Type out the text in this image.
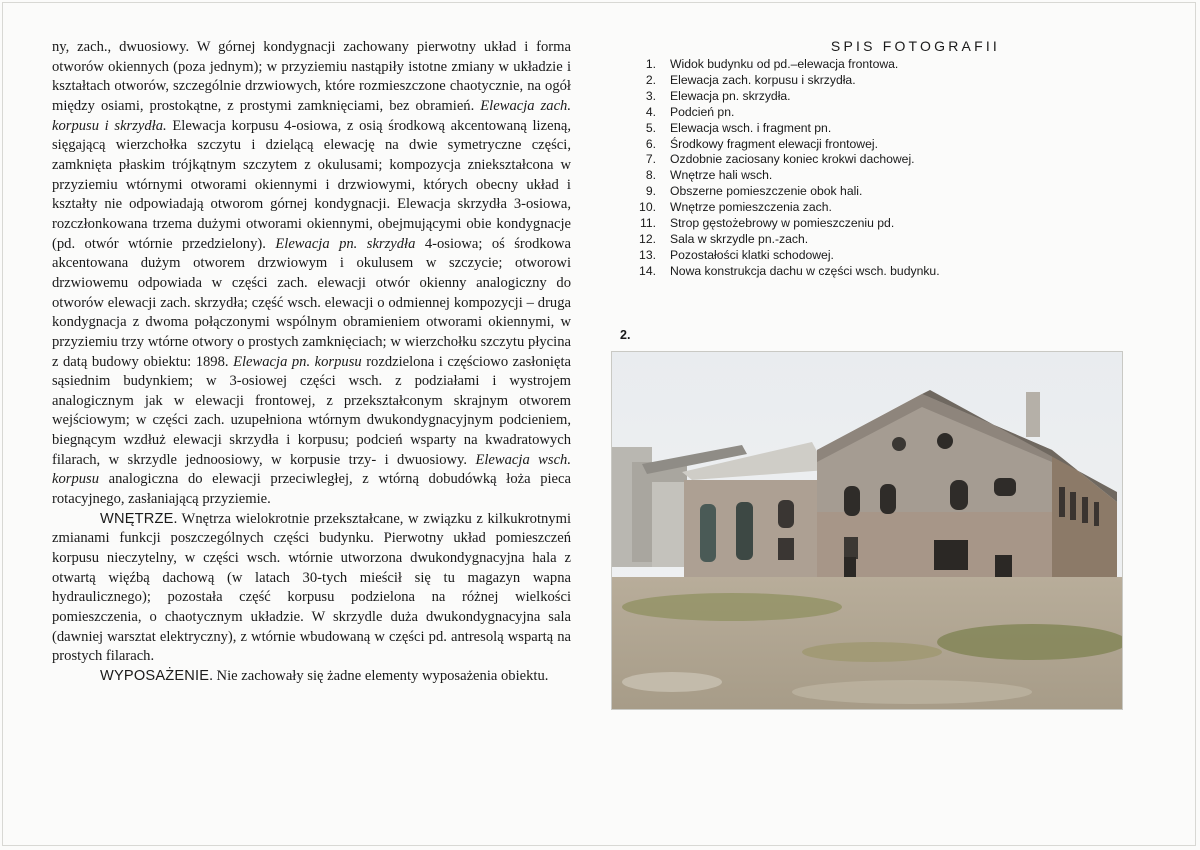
ny, zach., dwuosiowy. W górnej kondygnacji zachowany pierwotny układ i forma otworów okiennych (poza jednym); w przyziemiu nastąpiły istotne zmiany w układzie i kształtach otworów, szczególnie drzwiowych, które rozmieszczone chaotycznie, na ogół między osiami, prostokątne, z prostymi zamknięciami, bez obramień. Elewacja zach. korpusu i skrzydła. Elewacja korpusu 4-osiowa, z osią środkową akcentowaną lizeną, sięgającą wierzchołka szczytu i dzielącą elewację na dwie symetryczne części, zamknięta płaskim trójkątnym szczytem z okulusami; kompozycja zniekształcona w przyziemiu wtórnymi otworami okiennymi i drzwiowymi, których obecny układ i kształty nie odpowiadają otworom górnej kondygnacji. Elewacja skrzydła 3-osiowa, rozczłonkowana trzema dużymi otworami okiennymi, obejmującymi obie kondygnacje (pd. otwór wtórnie przedzielony). Elewacja pn. skrzydła 4-osiowa; oś środkowa akcentowana dużym otworem drzwiowym i okulusem w szczycie; otworowi drzwiowemu odpowiada w części zach. elewacji otwór okienny analogiczny do otworów elewacji zach. skrzydła; część wsch. elewacji o odmiennej kompozycji – druga kondygnacja z dwoma połączonymi wspólnym obramieniem otworami okiennymi, w przyziemiu trzy wtórne otwory o prostych zamknięciach; w wierzchołku szczytu płycina z datą budowy obiektu: 1898. Elewacja pn. korpusu rozdzielona i częściowo zasłonięta sąsiednim budynkiem; w 3-osiowej części wsch. z podziałami i wystrojem analogicznym jak w elewacji frontowej, z przekształconym skrajnym otworem wejściowym; w części zach. uzupełniona wtórnym dwukondygnacyjnym podcieniem, biegnącym wzdłuż elewacji skrzydła i korpusu; podcień wsparty na kwadratowych filarach, w skrzydle jednoosiowy, w korpusie trzy- i dwuosiowy. Elewacja wsch. korpusu analogiczna do elewacji przeciwległej, z wtórną dobudówką łoża pieca rotacyjnego, zasłaniającą przyziemie.

WNĘTRZE. Wnętrza wielokrotnie przekształcane, w związku z kilkukrotnymi zmianami funkcji poszczególnych części budynku. Pierwotny układ pomieszczeń korpusu nieczytelny, w części wsch. wtórnie utworzona dwukondygnacyjna hala z otwartą więźbą dachową (w latach 30-tych mieścił się tu magazyn wapna hydraulicznego); pozostała część korpusu podzielona na różnej wielkości pomieszczenia, o chaotycznym układzie. W skrzydle duża dwukondygnacyjna sala (dawniej warsztat elektryczny), z wtórnie wbudowaną w części pd. antresolą wspartą na prostych filarach.

WYPOSAŻENIE. Nie zachowały się żadne elementy wyposażenia obiektu.

SPIS FOTOGRAFII
1. Widok budynku od pd.–elewacja frontowa.
2. Elewacja zach. korpusu i skrzydła.
3. Elewacja pn. skrzydła.
4. Podcień pn.
5. Elewacja wsch. i fragment pn.
6. Środkowy fragment elewacji frontowej.
7. Ozdobnie zaciosany koniec krokwi dachowej.
8. Wnętrze hali wsch.
9. Obszerne pomieszczenie obok hali.
10. Wnętrze pomieszczenia zach.
11. Strop gęstożebrowy w pomieszczeniu pd.
12. Sala w skrzydle pn.-zach.
13. Pozostałości klatki schodowej.
14. Nowa konstrukcja dachu w części wsch. budynku.
2.
